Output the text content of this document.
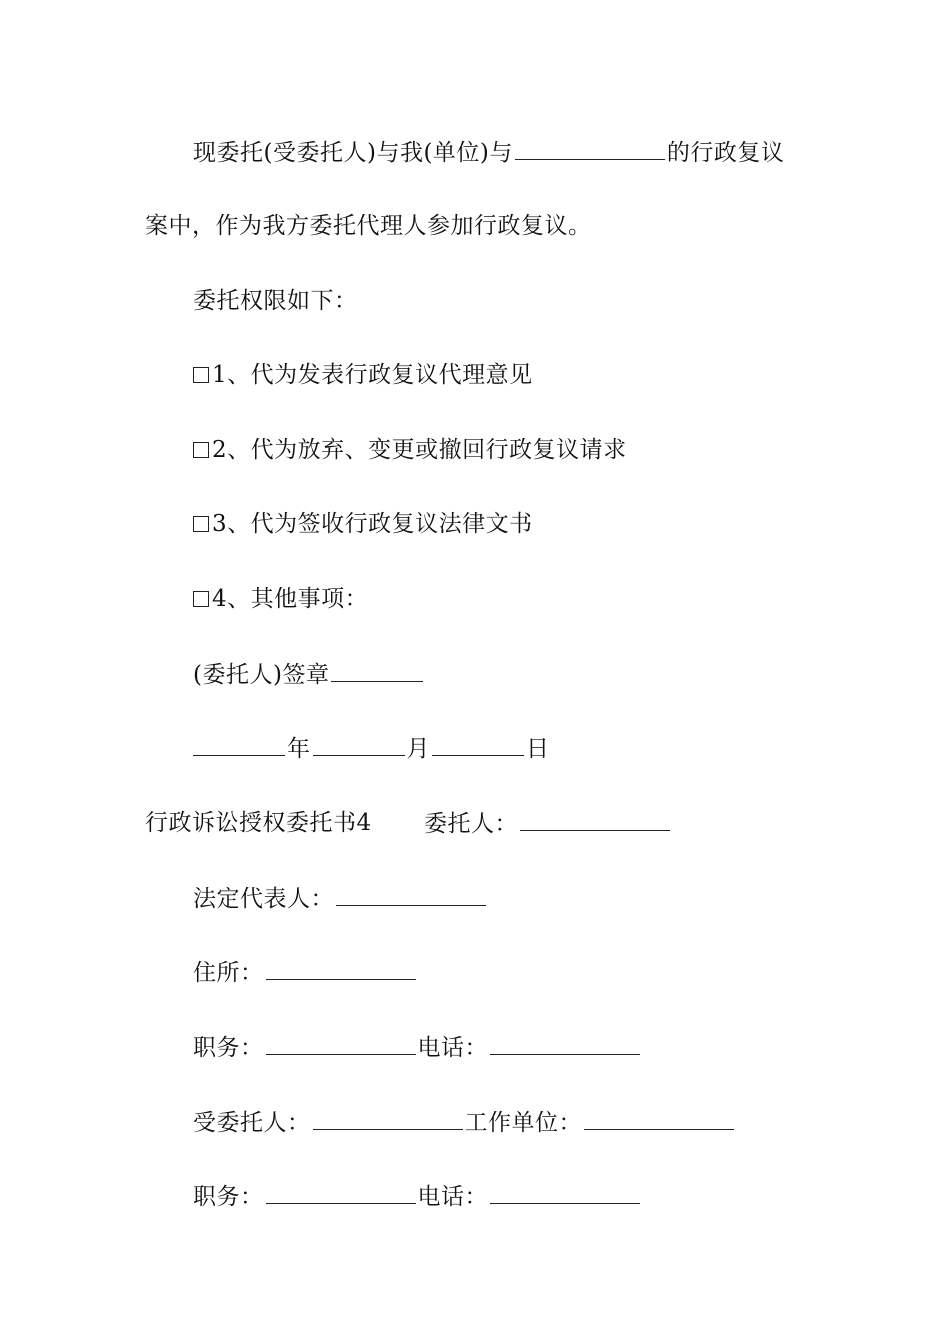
现委托(受委托人)与我(单位)与	的行政复议
案中，作为我方委托代理人参加行政复议。
委托权限如下：
1、代为发表行政复议代理意见
2、代为放弃、变更或撤回行政复议请求
3、代为签收行政复议法律文书
4、其他事项：
(委托人)签章
年	月	日
行政诉讼授权委托书4 委托人：
法定代表人：
住所：
职务：	电话：
受委托人：	工作单位：
职务：	电话：
